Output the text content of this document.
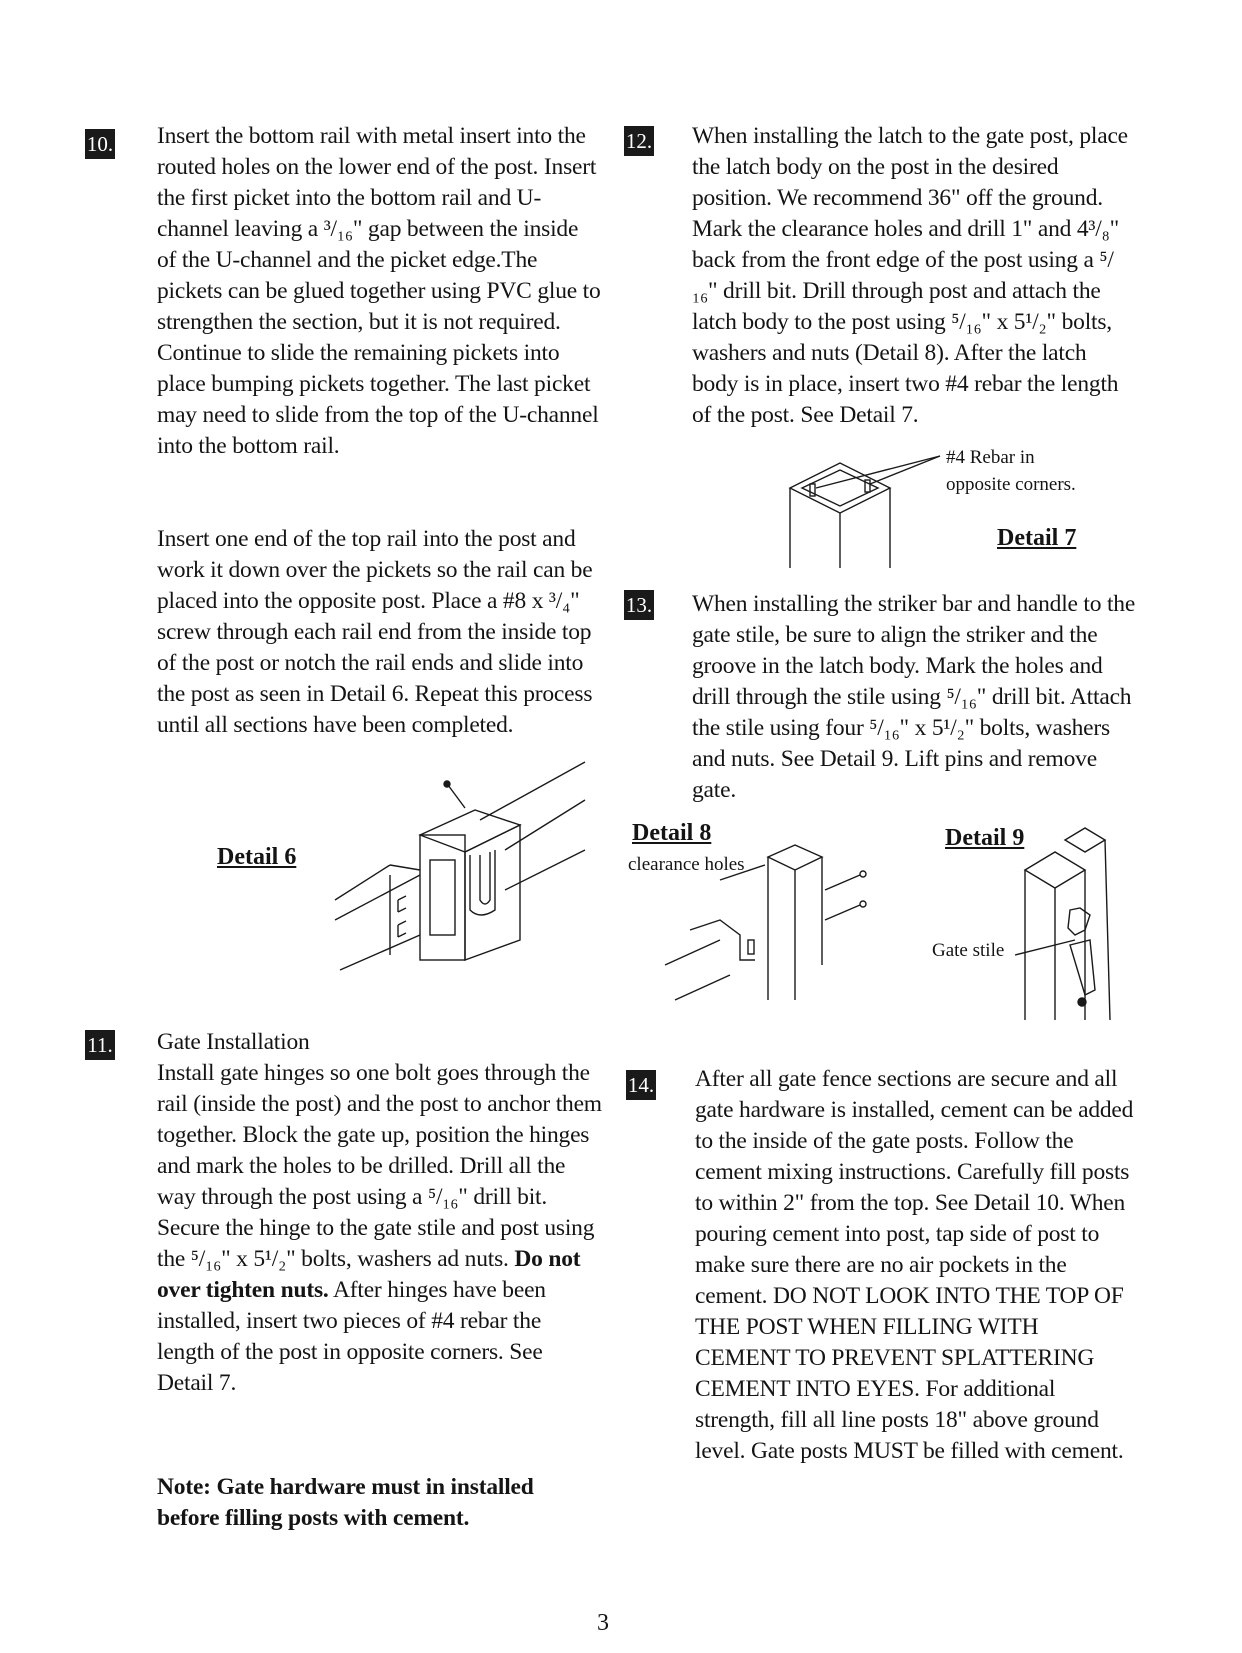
10. Insert the bottom rail with metal insert into the routed holes on the lower end of the post. Insert the first picket into the bottom rail and U-channel leaving a ³/₁₆" gap between the inside of the U-channel and the picket edge.The pickets can be glued together using PVC glue to strengthen the section, but it is not required. Continue to slide the remaining pickets into place bumping pickets together. The last picket may need to slide from the top of the U-channel into the bottom rail.

Insert one end of the top rail into the post and work it down over the pickets so the rail can be placed into the opposite post. Place a #8 x ³/₄" screw through each rail end from the inside top of the post or notch the rail ends and slide into the post as seen in Detail 6. Repeat this process until all sections have been completed.

Detail 6
11. Gate Installation
Install gate hinges so one bolt goes through the rail (inside the post) and the post to anchor them together. Block the gate up, position the hinges and mark the holes to be drilled. Drill all the way through the post using a ⁵/₁₆" drill bit. Secure the hinge to the gate stile and post using the ⁵/₁₆" x 5¹/₂" bolts, washers ad nuts. Do not over tighten nuts. After hinges have been installed, insert two pieces of #4 rebar the length of the post in opposite corners. See Detail 7.
Note: Gate hardware must in installed before filling posts with cement.
12. When installing the latch to the gate post, place the latch body on the post in the desired position. We recommend 36" off the ground. Mark the clearance holes and drill 1" and 4³/₈" back from the front edge of the post using a ⁵/₁₆" drill bit. Drill through post and attach the latch body to the post using ⁵/₁₆" x 5¹/₂" bolts, washers and nuts (Detail 8). After the latch body is in place, insert two #4 rebar the length of the post. See Detail 7.

#4 Rebar in
opposite corners.
Detail 7
13. When installing the striker bar and handle to the gate stile, be sure to align the striker and the groove in the latch body. Mark the holes and drill through the stile using ⁵/₁₆" drill bit. Attach the stile using four ⁵/₁₆" x 5¹/₂" bolts, washers and nuts. See Detail 9. Lift pins and remove gate.

Detail 8
clearance holes
Detail 9
Gate stile
14. After all gate fence sections are secure and all gate hardware is installed, cement can be added to the inside of the gate posts. Follow the cement mixing instructions. Carefully fill posts to within 2" from the top. See Detail 10. When pouring cement into post, tap side of post to make sure there are no air pockets in the cement. DO NOT LOOK INTO THE TOP OF THE POST WHEN FILLING WITH CEMENT TO PREVENT SPLATTERING CEMENT INTO EYES. For additional strength, fill all line posts 18" above ground level. Gate posts MUST be filled with cement.

3
